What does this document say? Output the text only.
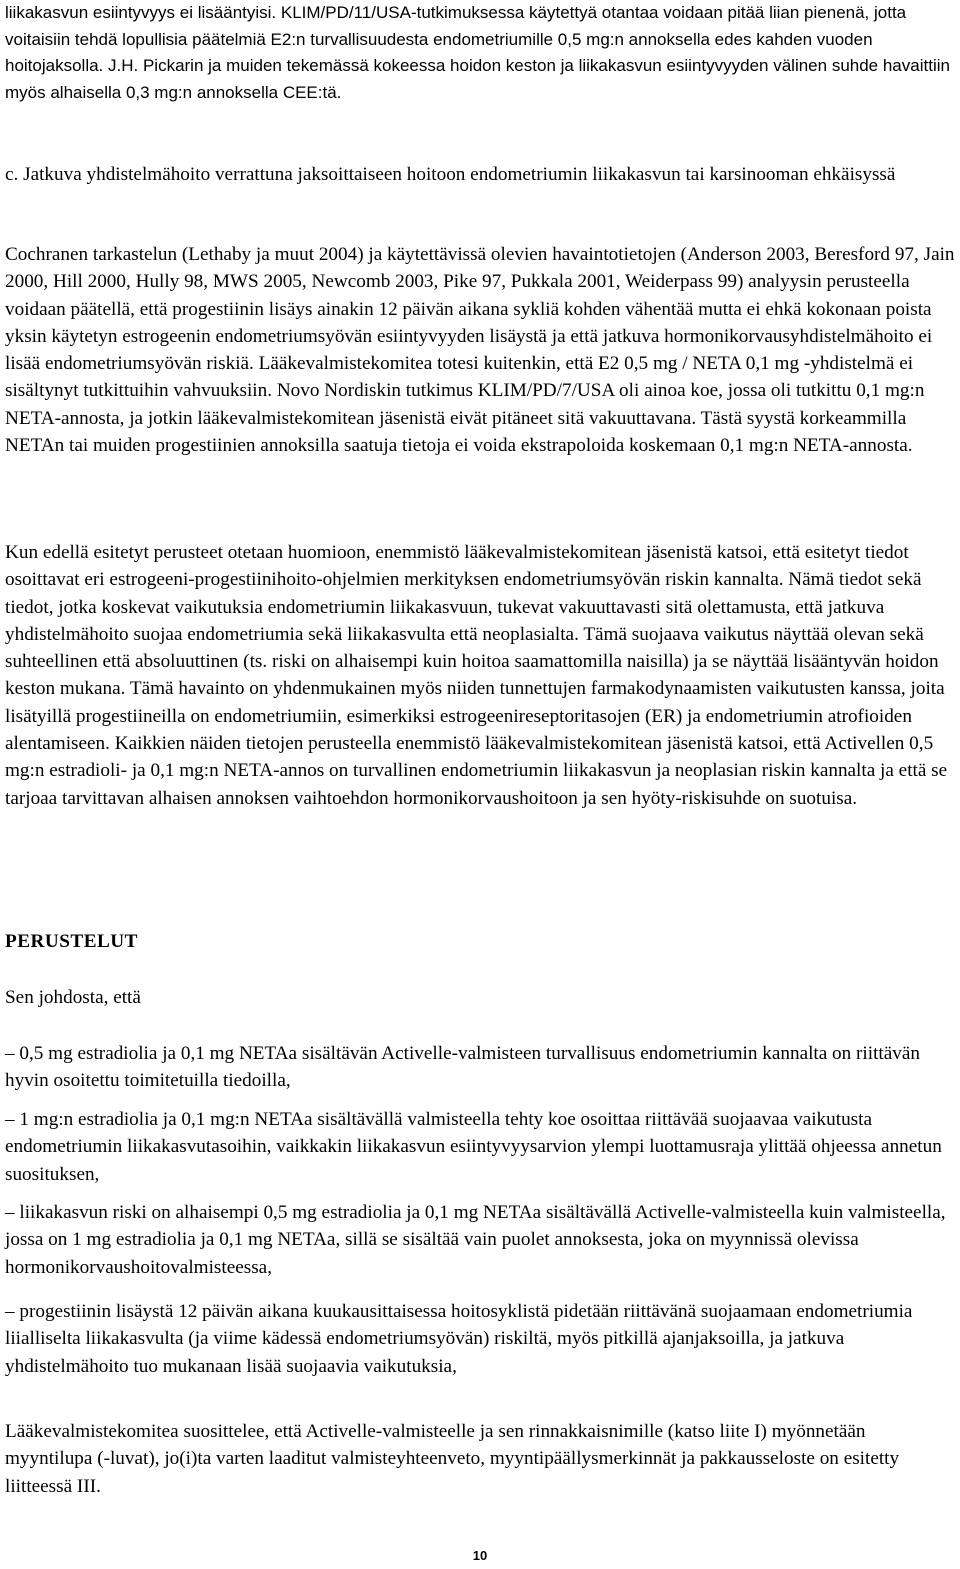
liikakasvun esiintyvyys ei lisääntyisi. KLIM/PD/11/USA-tutkimuksessa käytettyä otantaa voidaan pitää liian pienenä, jotta voitaisiin tehdä lopullisia päätelmiä E2:n turvallisuudesta endometriumille 0,5 mg:n annoksella edes kahden vuoden hoitojaksolla. J.H. Pickarin ja muiden tekemässä kokeessa hoidon keston ja liikakasvun esiintyvyyden välinen suhde havaittiin myös alhaisella 0,3 mg:n annoksella CEE:tä.

c. Jatkuva yhdistelmähoito verrattuna jaksoittaiseen hoitoon endometriumin liikakasvun tai karsinooman ehkäisyssä

Cochranen tarkastelun (Lethaby ja muut 2004) ja käytettävissä olevien havaintotietojen (Anderson 2003, Beresford 97, Jain 2000, Hill 2000, Hully 98, MWS 2005, Newcomb 2003, Pike 97, Pukkala 2001, Weiderpass 99) analyysin perusteella voidaan päätellä, että progestiinin lisäys ainakin 12 päivän aikana sykliä kohden vähentää mutta ei ehkä kokonaan poista yksin käytetyn estrogeenin endometriumsyövän esiintyvyyden lisäystä ja että jatkuva hormonikorvausyhdistelmähoito ei lisää endometriumsyövän riskiä. Lääkevalmistekomitea totesi kuitenkin, että E2 0,5 mg / NETA 0,1 mg -yhdistelmä ei sisältynyt tutkittuihin vahvuuksiin. Novo Nordiskin tutkimus KLIM/PD/7/USA oli ainoa koe, jossa oli tutkittu 0,1 mg:n NETA-annosta, ja jotkin lääkevalmistekomitean jäsenistä eivät pitäneet sitä vakuuttavana. Tästä syystä korkeammilla NETAn tai muiden progestiinien annoksilla saatuja tietoja ei voida ekstrapoloida koskemaan 0,1 mg:n NETA-annosta.

Kun edellä esitetyt perusteet otetaan huomioon, enemmistö lääkevalmistekomitean jäsenistä katsoi, että esitetyt tiedot osoittavat eri estrogeeni-progestiinihoito-ohjelmien merkityksen endometriumsyövän riskin kannalta. Nämä tiedot sekä tiedot, jotka koskevat vaikutuksia endometriumin liikakasvuun, tukevat vakuuttavasti sitä olettamusta, että jatkuva yhdistelmähoito suojaa endometriumia sekä liikakasvulta että neoplasialta. Tämä suojaava vaikutus näyttää olevan sekä suhteellinen että absoluuttinen (ts. riski on alhaisempi kuin hoitoa saamattomilla naisilla) ja se näyttää lisääntyvän hoidon keston mukana. Tämä havainto on yhdenmukainen myös niiden tunnettujen farmakodynaamisten vaikutusten kanssa, joita lisätyillä progestiineilla on endometriumiin, esimerkiksi estrogeenireseptoritasojen (ER) ja endometriumin atrofioiden alentamiseen. Kaikkien näiden tietojen perusteella enemmistö lääkevalmistekomitean jäsenistä katsoi, että Activellen 0,5 mg:n estradioli- ja 0,1 mg:n NETA-annos on turvallinen endometriumin liikakasvun ja neoplasian riskin kannalta ja että se tarjoaa tarvittavan alhaisen annoksen vaihtoehdon hormonikorvaushoitoon ja sen hyöty-riskisuhde on suotuisa.

PERUSTELUT

Sen johdosta, että

– 0,5 mg estradiolia ja 0,1 mg NETAa sisältävän Activelle-valmisteen turvallisuus endometriumin kannalta on riittävän hyvin osoitettu toimitetuilla tiedoilla,

– 1 mg:n estradiolia ja 0,1 mg:n NETAa sisältävällä valmisteella tehty koe osoittaa riittävää suojaavaa vaikutusta endometriumin liikakasvutasoihin, vaikkakin liikakasvun esiintyvyysarvion ylempi luottamusraja ylittää ohjeessa annetun suosituksen,

– liikakasvun riski on alhaisempi 0,5 mg estradiolia ja 0,1 mg NETAa sisältävällä Activelle-valmisteella kuin valmisteella, jossa on 1 mg estradiolia ja 0,1 mg NETAa, sillä se sisältää vain puolet annoksesta, joka on myynnissä olevissa hormonikorvaushoitovalmisteessa,

– progestiinin lisäystä 12 päivän aikana kuukausittaisessa hoitosyklistä pidetään riittävänä suojaamaan endometriumia liialliselta liikakasvulta (ja viime kädessä endometriumsyövän) riskiltä, myös pitkillä ajanjaksoilla, ja jatkuva yhdistelmähoito tuo mukanaan lisää suojaavia vaikutuksia,

Lääkevalmistekomitea suosittelee, että Activelle-valmisteelle ja sen rinnakkaisnimille (katso liite I) myönnetään myyntilupa (-luvat), jo(i)ta varten laaditut valmisteyhteenveto, myyntipäällysmerkinnät ja pakkausseloste on esitetty liitteessä III.

10
